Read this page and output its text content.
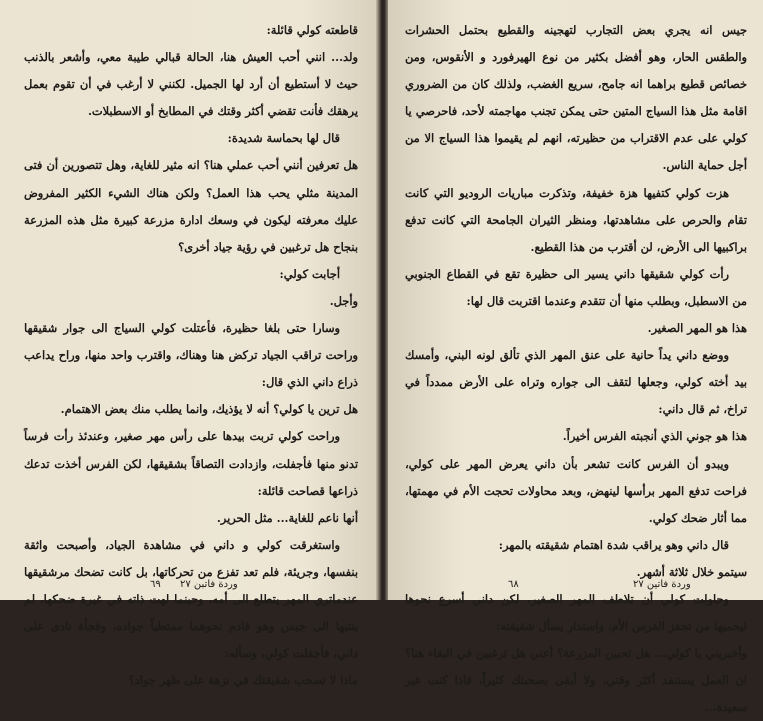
قاطعته كولي قائلة:

ولد... انني أحب العيش هنا، الحالة قبالي طيبة معي، وأشعر بالذنب حيث لا أستطيع أن أرد لها الجميل. لكنني لا أرغب في أن تقوم بعمل يرهقك فأنت تقضي أكثر وقتك في المطابخ أو الاسطبلات.

قال لها بحماسة شديدة:

هل تعرفين أنني أحب عملي هنا؟ انه مثير للغاية، وهل تتصورين أن فتى المدينة مثلي يحب هذا العمل؟ ولكن هناك الشيء الكثير المفروض عليك معرفته ليكون في وسعك ادارة مزرعة كبيرة مثل هذه المزرعة بنجاح هل ترغبين في رؤية جياد أخرى؟

أجابت كولي:

وأجل.

وسارا حتى بلغا حظيرة، فأعتلت كولي السياج الى جوار شقيقها وراحت تراقب الجياد تركض هنا وهناك، واقترب واحد منها، وراح يداعب ذراع داني الذي قال:

هل ترين يا كولي؟ أنه لا يؤذيك، وانما يطلب منك بعض الاهتمام.

وراحت كولي تربت بيدها على رأس مهر صغير، وعندئذ رأت فرساً تدنو منها فأجفلت، وازدادت التصاقاً بشقيقها، لكن الفرس أخذت تدعك ذراعها قصاحت قائلة:

أنها ناعم للغاية... مثل الحرير.

واستغرقت كولي و داني في مشاهدة الجياد، وأصبحت واثقة بنفسها، وجريئة، فلم تعد تفزع من تحركاتها، بل كانت تضحك مرشقيقها عندماتري المهر يتطلع الى أمه، وحينما لهت ذاته في غيرة ضحكها، لم ينتبها الى جيس وهو قادم نحوهما ممتطياً جواده، وفجأة نادى على داني، فأجفلت كولي، وسأله:

ماذا لا تصحب شقيقتك في نزهة على ظهر جواد؟

وردة فاتبن ٢٧
٦٩

جيس انه يجري بعض التجارب لتهجينه والقطيع بحتمل الحشرات والطقس الحار، وهو أفضل بكثير من نوع الهيرفورد و الأنقوس، ومن خصائص قطيع براهما انه جامح، سريع الغضب، ولذلك كان من الضروري اقامة مثل هذا السياج المتين حتى يمكن تجنب مهاجمته لأحد، فاحرصي يا كولي على عدم الاقتراب من حظيرته، انهم لم يقيموا هذا السياج الا من أجل حماية الناس.

هزت كولي كتفيها هزة خفيفة، وتذكرت مباريات الروديو التي كانت تقام والحرص على مشاهدتها، ومنظر الثيران الجامحة التي كانت تدفع براكبيها الى الأرض، لن أقترب من هذا القطيع.

رأت كولي شقيقها داني يسير الى حظيرة تقع في القطاع الجنوبي من الاسطبل، وبطلب منها أن تتقدم وعندما اقتربت قال لها:

هذا هو المهر الصغير.

ووضع داني يداً حانية على عنق المهر الذي تألق لونه البني، وأمسك بيد أخته كولي، وجعلها لتقف الى جواره وتراه على الأرض ممدداً في تراخ، ثم قال داني:

هذا هو جوني الذي أنجبته الفرس أخيراً.

ويبدو أن الفرس كانت تشعر بأن داني يعرض المهر على كولي، فراحت تدفع المهر برأسها لينهض، وبعد محاولات تحجت الأم في مهمتها، مما أثار ضحك كولي.

قال داني وهو يراقب شدة اهتمام شقيقته بالمهر:

سيتمو خلال ثلاثة أشهر.

وحاولت كولي أن تلاطف المهر الصغير، لكن داني أسرع نحوها ليحميها من تحفز الفرس الأم، واستدار يسأل شقيقته:

وأخبريني يا كولي... هل تحبين المزرعة؟ أعني هل ترغبين في البقاء هنا؟ ان العمل يستنفد أكثر وقتي، ولا أبقى بصحبتك كثيراً، فاذا كنت غير سعيدة...

وردة فاتين ٢٧
٦٨
